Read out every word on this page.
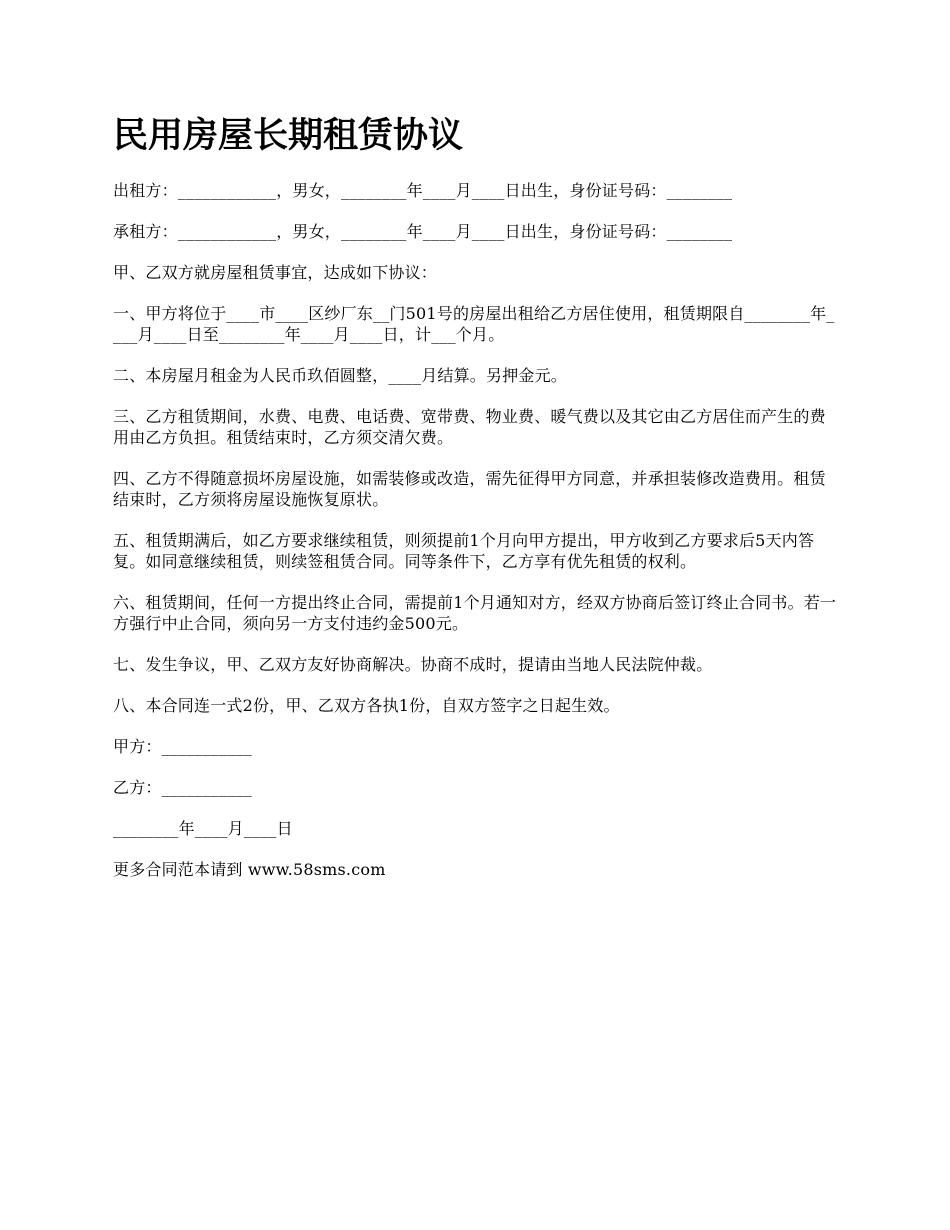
民用房屋长期租赁协议

出租方：____________，男女，________年____月____日出生，身份证号码：________

承租方：____________，男女，________年____月____日出生，身份证号码：________

甲、乙双方就房屋租赁事宜，达成如下协议：

一、甲方将位于____市____区纱厂东__门501号的房屋出租给乙方居住使用，租赁期限自________年____月____日至________年____月____日，计___个月。

二、本房屋月租金为人民币玖佰圆整，____月结算。另押金元。

三、乙方租赁期间，水费、电费、电话费、宽带费、物业费、暖气费以及其它由乙方居住而产生的费用由乙方负担。租赁结束时，乙方须交清欠费。

四、乙方不得随意损坏房屋设施，如需装修或改造，需先征得甲方同意，并承担装修改造费用。租赁结束时，乙方须将房屋设施恢复原状。

五、租赁期满后，如乙方要求继续租赁，则须提前1个月向甲方提出，甲方收到乙方要求后5天内答复。如同意继续租赁，则续签租赁合同。同等条件下，乙方享有优先租赁的权利。

六、租赁期间，任何一方提出终止合同，需提前1个月通知对方，经双方协商后签订终止合同书。若一方强行中止合同，须向另一方支付违约金500元。

七、发生争议，甲、乙双方友好协商解决。协商不成时，提请由当地人民法院仲裁。

八、本合同连一式2份，甲、乙双方各执1份，自双方签字之日起生效。

甲方：___________

乙方：___________

________年____月____日

更多合同范本请到 www.58sms.com
